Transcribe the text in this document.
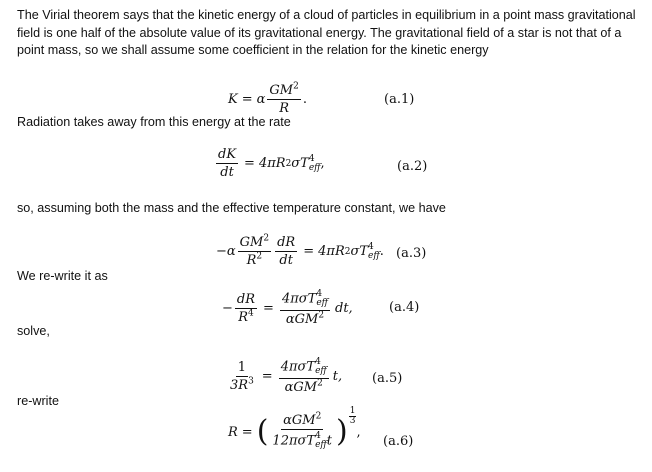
The Virial theorem says that the kinetic energy of a cloud of particles in equilibrium in a point mass gravitational field is one half of the absolute value of its gravitational energy. The gravitational field of a star is not that of a point mass, so we shall assume some coefficient in the relation for the kinetic energy

K = α $\frac{GM^2}{R}$ .	(a.1)

Radiation takes away from this energy at the rate

$\frac{dK}{dt} = 4\pi R$ 2 σT 4
eff ,	(a.2)

so, assuming both the mass and the effective temperature constant, we have

$-\alpha \frac{GM^2}{R^2} \frac{dR}{dt} = 4\pi R$ 2 σT 4
eff . (a.3)

We re-write it as

− $\frac{dR}{R^4} = 4\pi\sigma T$ 4
eff
αGM$^2$ dt,	(a.4)

solve,

$\frac{1}{3R^3} = 4\pi\sigma T$ 4
eff
αGM$^2$ t, (a.5)

re-write

R = ( αGM$^2$
12πσT 4
eff t ) $\frac{1}{3}$
,
(a.6)
